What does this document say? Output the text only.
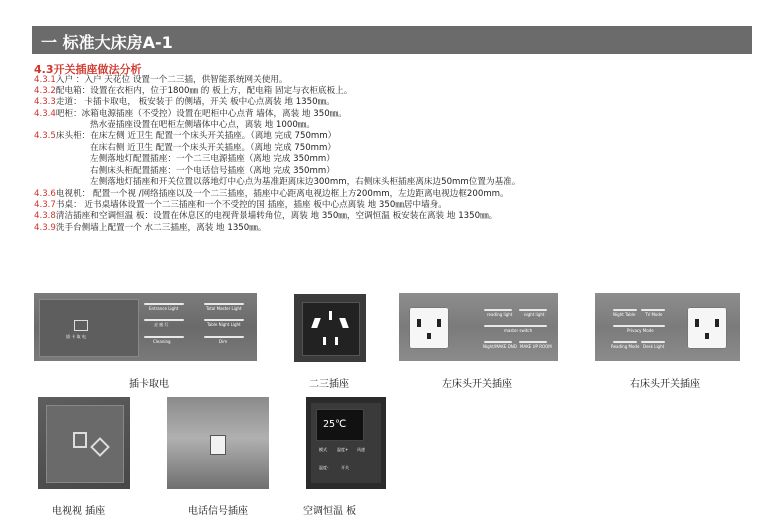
一 标准大床房A-1
4.3开关插座做法分析
4.3.1入户 ：入户 天花位 设置一个二三插，供智能系统网关使用。
4.3.2配电箱：设置在衣柜内，位于1800㎜ 的 板上方，配电箱 固定与衣柜底板上。
4.3.3走道： 卡插卡取电， 板安装于 的侧墙，开关 板中心点离装 地 1350㎜。
4.3.4吧柜：冰箱电源插座（不受控）设置在吧柜中心点背 墙体，离装 地 350㎜。
热水壶插座设置在吧柜左侧墙体中心点，离装 地 1000㎜。
4.3.5床头柜：在床左侧 近卫生 配置一个床头开关插座。（离地 完成 750mm）
在床右侧 近卫生 配置一个床头开关插座。（离地 完成 750mm）
左侧落地灯配置插座：一个二三电源插座（离地 完成 350mm）
右侧床头柜配置插座：一个电话信号插座（离地 完成 350mm）
左侧落地灯插座和开关位置以落地灯中心点为基准距离床边300mm，右侧床头柜插座离床边50mm位置为基准。
4.3.6电视机： 配置一个视 /网络插座以及一个二三插座，插座中心距离电视边框上方200mm，左边距离电视边框200mm。
4.3.7书桌： 近书桌墙体设置一个二三插座和一个不受控的国 插座，插座 板中心点离装 地 350㎜居中墙身。
4.3.8清洁插座和空调恒温 板：设置在休息区的电视背景墙转角位，离装 地 350㎜，空调恒温 板安装在离装 地 1350㎜。
4.3.9洗手台侧墙上配置一个 水二三插座，离装 地 1350㎜。
插 卡 取 电
Entrance Light
走 廊 灯
Cleaning
Total Master Light
Table Night Light
Dim
插卡取电	二三插座
reading light	night light
master switch
Night/MAKE DND MAKE UP ROOM
左床头开关插座
Night Table TV Mode
Privacy Mode
Reading Mode Desk Light
右床头开关插座
电视视 插座	电话信号插座
25℃
模式	温度+ 风速
温度-	开关
空调恒温 板
